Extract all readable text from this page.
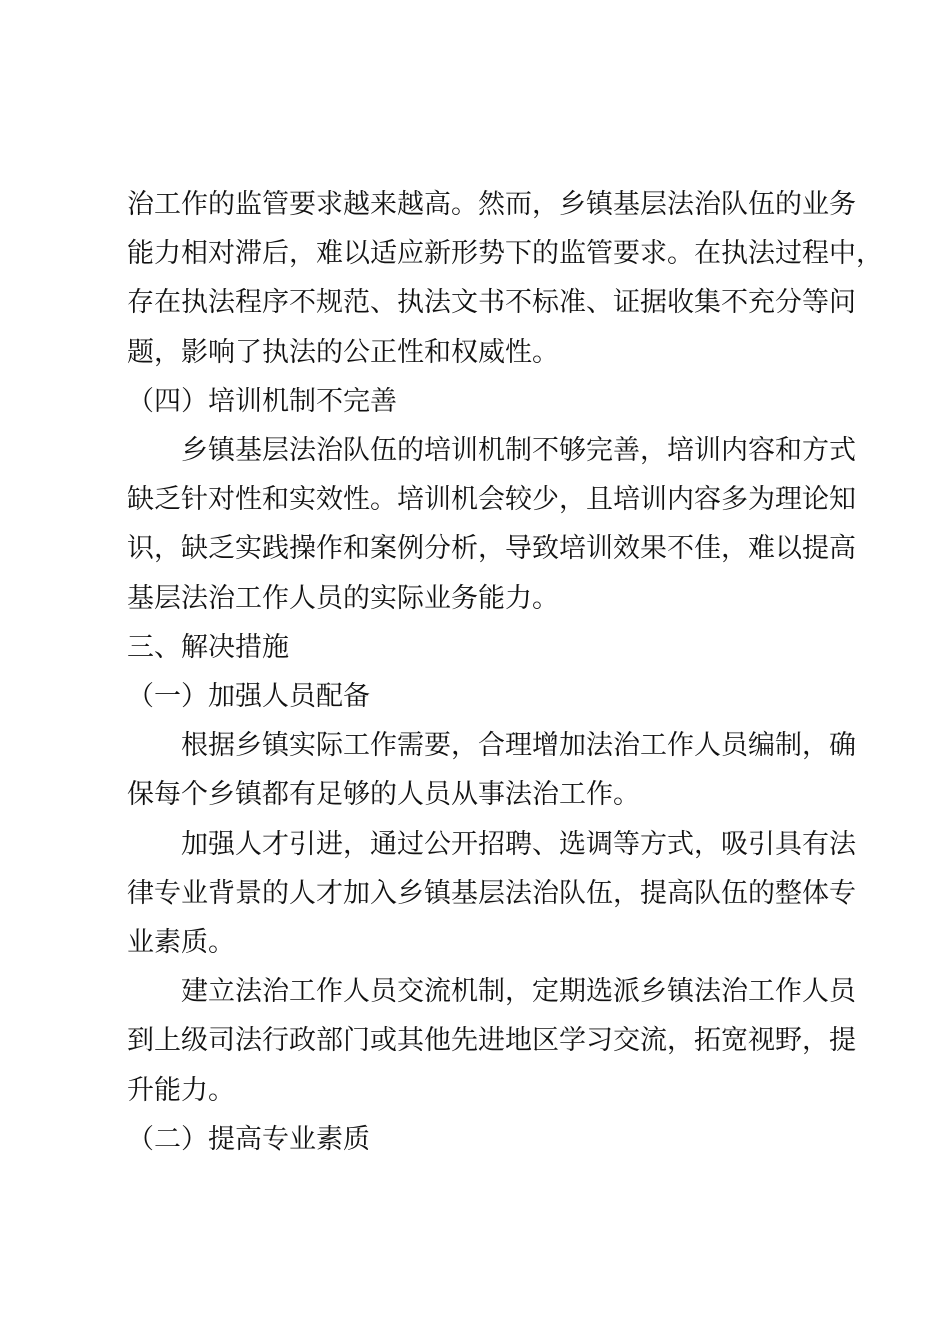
治工作的监管要求越来越高。然而，乡镇基层法治队伍的业务
能力相对滞后，难以适应新形势下的监管要求。在执法过程中，
存在执法程序不规范、执法文书不标准、证据收集不充分等问
题，影响了执法的公正性和权威性。

（四）培训机制不完善

乡镇基层法治队伍的培训机制不够完善，培训内容和方式
缺乏针对性和实效性。培训机会较少，且培训内容多为理论知
识，缺乏实践操作和案例分析，导致培训效果不佳，难以提高
基层法治工作人员的实际业务能力。

三、解决措施

（一）加强人员配备

根据乡镇实际工作需要，合理增加法治工作人员编制，确
保每个乡镇都有足够的人员从事法治工作。

加强人才引进，通过公开招聘、选调等方式，吸引具有法
律专业背景的人才加入乡镇基层法治队伍，提高队伍的整体专
业素质。

建立法治工作人员交流机制，定期选派乡镇法治工作人员
到上级司法行政部门或其他先进地区学习交流，拓宽视野，提
升能力。

（二）提高专业素质
